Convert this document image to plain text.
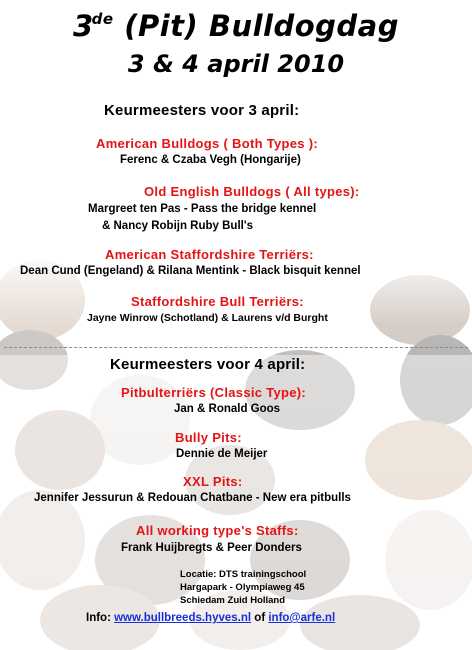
3de (Pit) Bulldogdag
3 & 4 april 2010
Keurmeesters voor 3 april:
American Bulldogs ( Both Types ):
Ferenc & Czaba Vegh (Hongarije)
Old English Bulldogs ( All types):
Margreet ten Pas - Pass the bridge kennel
& Nancy Robijn Ruby Bull's
American Staffordshire Terriërs:
Dean Cund (Engeland) & Rilana Mentink - Black bisquit kennel
Staffordshire Bull Terriërs:
Jayne Winrow (Schotland) & Laurens v/d Burght
Keurmeesters voor 4 april:
Pitbulterriërs (Classic Type):
Jan & Ronald Goos
Bully Pits:
Dennie de Meijer
XXL Pits:
Jennifer Jessurun & Redouan Chatbane - New era pitbulls
All working type's Staffs:
Frank Huijbregts & Peer Donders
Locatie: DTS trainingschool
Hargapark - Olympiaweg 45
Schiedam Zuid Holland
Info: www.bullbreeds.hyves.nl of info@arfe.nl
